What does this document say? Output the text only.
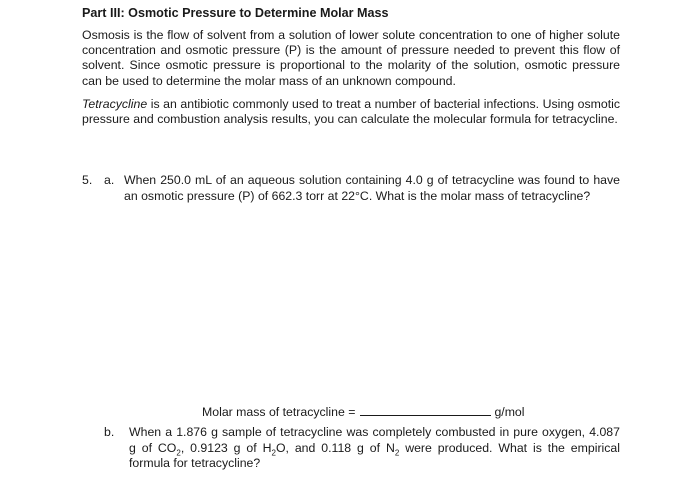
Part III: Osmotic Pressure to Determine Molar Mass
Osmosis is the flow of solvent from a solution of lower solute concentration to one of higher solute concentration and osmotic pressure (P) is the amount of pressure needed to prevent this flow of solvent. Since osmotic pressure is proportional to the molarity of the solution, osmotic pressure can be used to determine the molar mass of an unknown compound.
Tetracycline is an antibiotic commonly used to treat a number of bacterial infections. Using osmotic pressure and combustion analysis results, you can calculate the molecular formula for tetracycline.
5. a. When 250.0 mL of an aqueous solution containing 4.0 g of tetracycline was found to have an osmotic pressure (P) of 662.3 torr at 22°C. What is the molar mass of tetracycline?
Molar mass of tetracycline =	g/mol
b. When a 1.876 g sample of tetracycline was completely combusted in pure oxygen, 4.087 g of $CO_2$, 0.9123 g of $H_2O$, and 0.118 g of $N_2$ were produced. What is the empirical formula for tetracycline?
